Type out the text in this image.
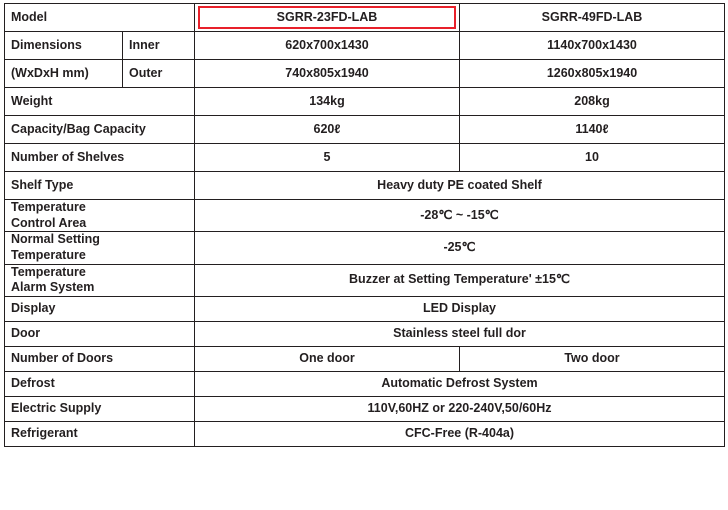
Model		SGRR-23FD-LAB	SGRR-49FD-LAB
Dimensions	Inner	620x700x1430	1140x700x1430
(WxDxH mm)	Outer	740x805x1940	1260x805x1940
Weight		134kg	208kg
Capacity/Bag Capacity		620ℓ	1140ℓ
Number of Shelves		5	10
Shelf Type		Heavy duty PE coated Shelf	

Temperature
Control Area		-28℃ ~ -15℃	

Normal Setting
Temperature		-25℃	

Temperature
Alarm System		Buzzer at Setting Temperature' ±15℃	
Display		LED Display	
Door		Stainless steel full dor	
Number of Doors		One door	Two door
Defrost		Automatic Defrost System	
Electric Supply		110V,60HZ or 220-240V,50/60Hz	
Refrigerant		CFC-Free (R-404a)	
